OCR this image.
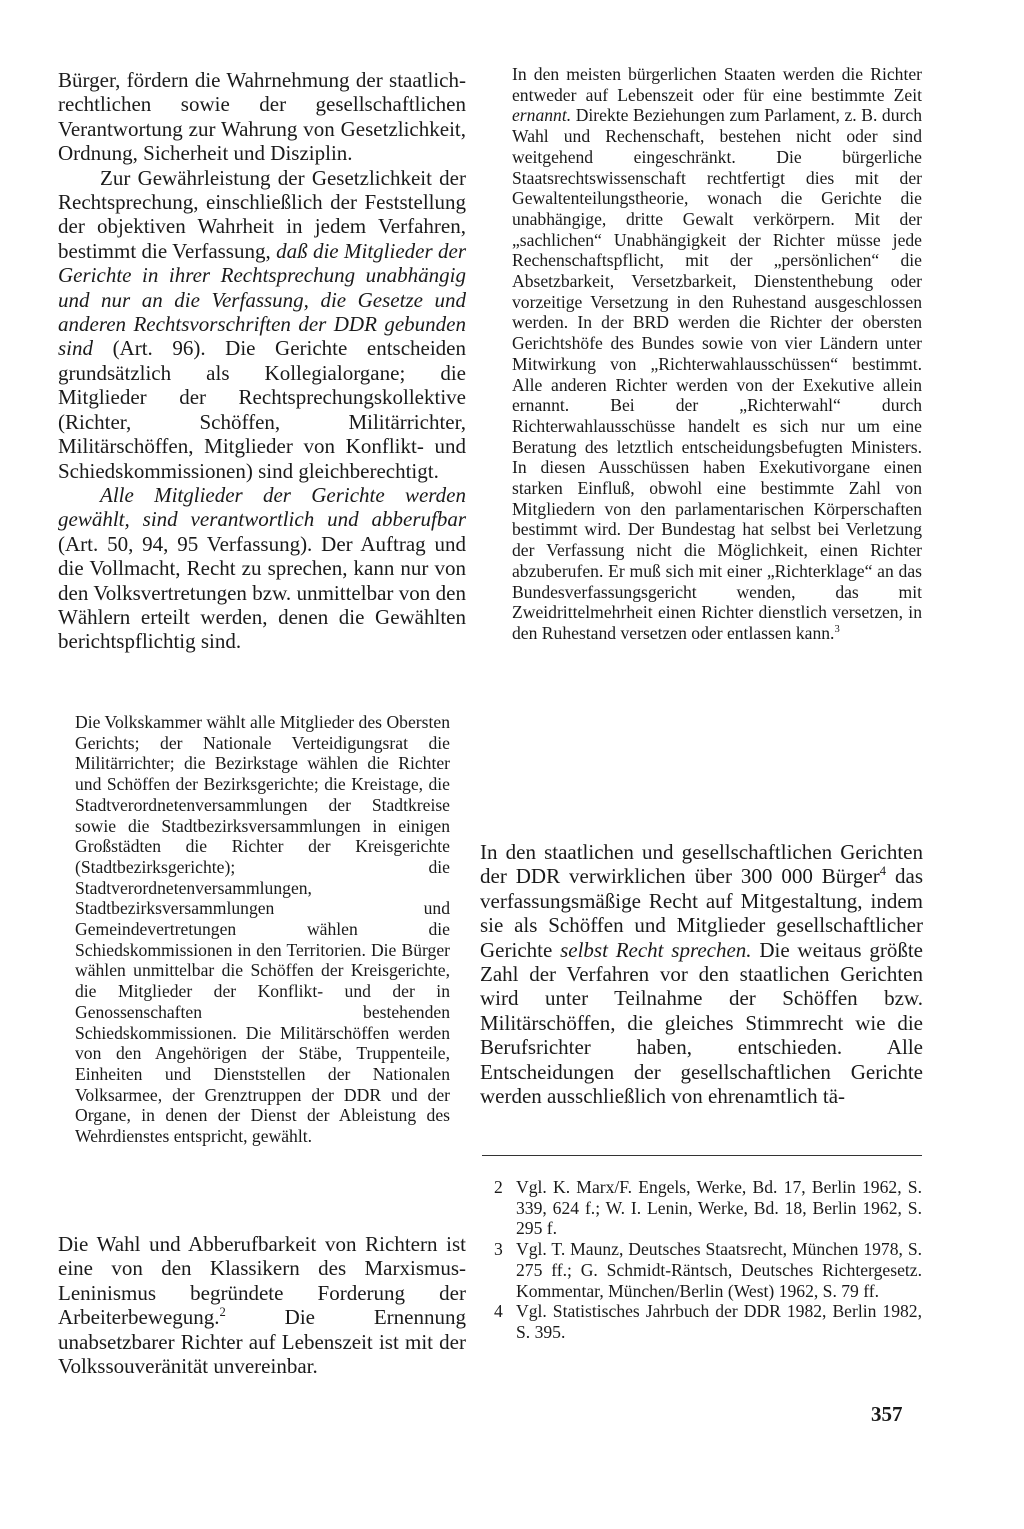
Bürger, fördern die Wahrnehmung der staatlich-rechtlichen sowie der gesellschaftlichen Verantwortung zur Wahrung von Gesetzlichkeit, Ordnung, Sicherheit und Disziplin.

Zur Gewährleistung der Gesetzlichkeit der Rechtsprechung, einschließlich der Feststellung der objektiven Wahrheit in jedem Verfahren, bestimmt die Verfassung, daß die Mitglieder der Gerichte in ihrer Rechtsprechung unabhängig und nur an die Verfassung, die Gesetze und anderen Rechtsvorschriften der DDR gebunden sind (Art. 96). Die Gerichte entscheiden grundsätzlich als Kollegialorgane; die Mitglieder der Rechtsprechungskollektive (Richter, Schöffen, Militärrichter, Militärschöffen, Mitglieder von Konflikt- und Schiedskommissionen) sind gleichberechtigt.

Alle Mitglieder der Gerichte werden gewählt, sind verantwortlich und abberufbar (Art. 50, 94, 95 Verfassung). Der Auftrag und die Vollmacht, Recht zu sprechen, kann nur von den Volksvertretungen bzw. unmittelbar von den Wählern erteilt werden, denen die Gewählten berichtspflichtig sind.

Die Volkskammer wählt alle Mitglieder des Obersten Gerichts; der Nationale Verteidigungsrat die Militärrichter; die Bezirkstage wählen die Richter und Schöffen der Bezirksgerichte; die Kreistage, die Stadtverordnetenversammlungen der Stadtkreise sowie die Stadtbezirksversammlungen in einigen Großstädten die Richter der Kreisgerichte (Stadtbezirksgerichte); die Stadtverordnetenversammlungen, Stadtbezirksversammlungen und Gemeindevertretungen wählen die Schiedskommissionen in den Territorien. Die Bürger wählen unmittelbar die Schöffen der Kreisgerichte, die Mitglieder der Konflikt- und der in Genossenschaften bestehenden Schiedskommissionen. Die Militärschöffen werden von den Angehörigen der Stäbe, Truppenteile, Einheiten und Dienststellen der Nationalen Volksarmee, der Grenztruppen der DDR und der Organe, in denen der Dienst der Ableistung des Wehrdienstes entspricht, gewählt.

Die Wahl und Abberufbarkeit von Richtern ist eine von den Klassikern des Marxismus-Leninismus begründete Forderung der Arbeiterbewegung.$^2$ Die Ernennung unabsetzbarer Richter auf Lebenszeit ist mit der Volkssouveränität unvereinbar.

In den meisten bürgerlichen Staaten werden die Richter entweder auf Lebenszeit oder für eine bestimmte Zeit ernannt. Direkte Beziehungen zum Parlament, z. B. durch Wahl und Rechenschaft, bestehen nicht oder sind weitgehend eingeschränkt. Die bürgerliche Staatsrechtswissenschaft rechtfertigt dies mit der Gewaltenteilungstheorie, wonach die Gerichte die unabhängige, dritte Gewalt verkörpern. Mit der „sachlichen“ Unabhängigkeit der Richter müsse jede Rechenschaftspflicht, mit der „persönlichen“ die Absetzbarkeit, Versetzbarkeit, Dienstenthebung oder vorzeitige Versetzung in den Ruhestand ausgeschlossen werden. In der BRD werden die Richter der obersten Gerichtshöfe des Bundes sowie von vier Ländern unter Mitwirkung von „Richterwahlausschüssen“ bestimmt. Alle anderen Richter werden von der Exekutive allein ernannt. Bei der „Richterwahl“ durch Richterwahlausschüsse handelt es sich nur um eine Beratung des letztlich entscheidungsbefugten Ministers. In diesen Ausschüssen haben Exekutivorgane einen starken Einfluß, obwohl eine bestimmte Zahl von Mitgliedern von den parlamentarischen Körperschaften bestimmt wird. Der Bundestag hat selbst bei Verletzung der Verfassung nicht die Möglichkeit, einen Richter abzuberufen. Er muß sich mit einer „Richterklage“ an das Bundesverfassungsgericht wenden, das mit Zweidrittelmehrheit einen Richter dienstlich versetzen, in den Ruhestand versetzen oder entlassen kann.$^3$

In den staatlichen und gesellschaftlichen Gerichten der DDR verwirklichen über 300 000 Bürger$^4$ das verfassungsmäßige Recht auf Mitgestaltung, indem sie als Schöffen und Mitglieder gesellschaftlicher Gerichte selbst Recht sprechen. Die weitaus größte Zahl der Verfahren vor den staatlichen Gerichten wird unter Teilnahme der Schöffen bzw. Militärschöffen, die gleiches Stimmrecht wie die Berufsrichter haben, entschieden. Alle Entscheidungen der gesellschaftlichen Gerichte werden ausschließlich von ehrenamtlich tä-

2 Vgl. K. Marx/F. Engels, Werke, Bd. 17, Berlin 1962, S. 339, 624 f.; W. I. Lenin, Werke, Bd. 18, Berlin 1962, S. 295 f.
3 Vgl. T. Maunz, Deutsches Staatsrecht, München 1978, S. 275 ff.; G. Schmidt-Räntsch, Deutsches Richtergesetz. Kommentar, München/Berlin (West) 1962, S. 79 ff.
4 Vgl. Statistisches Jahrbuch der DDR 1982, Berlin 1982, S. 395.
357
